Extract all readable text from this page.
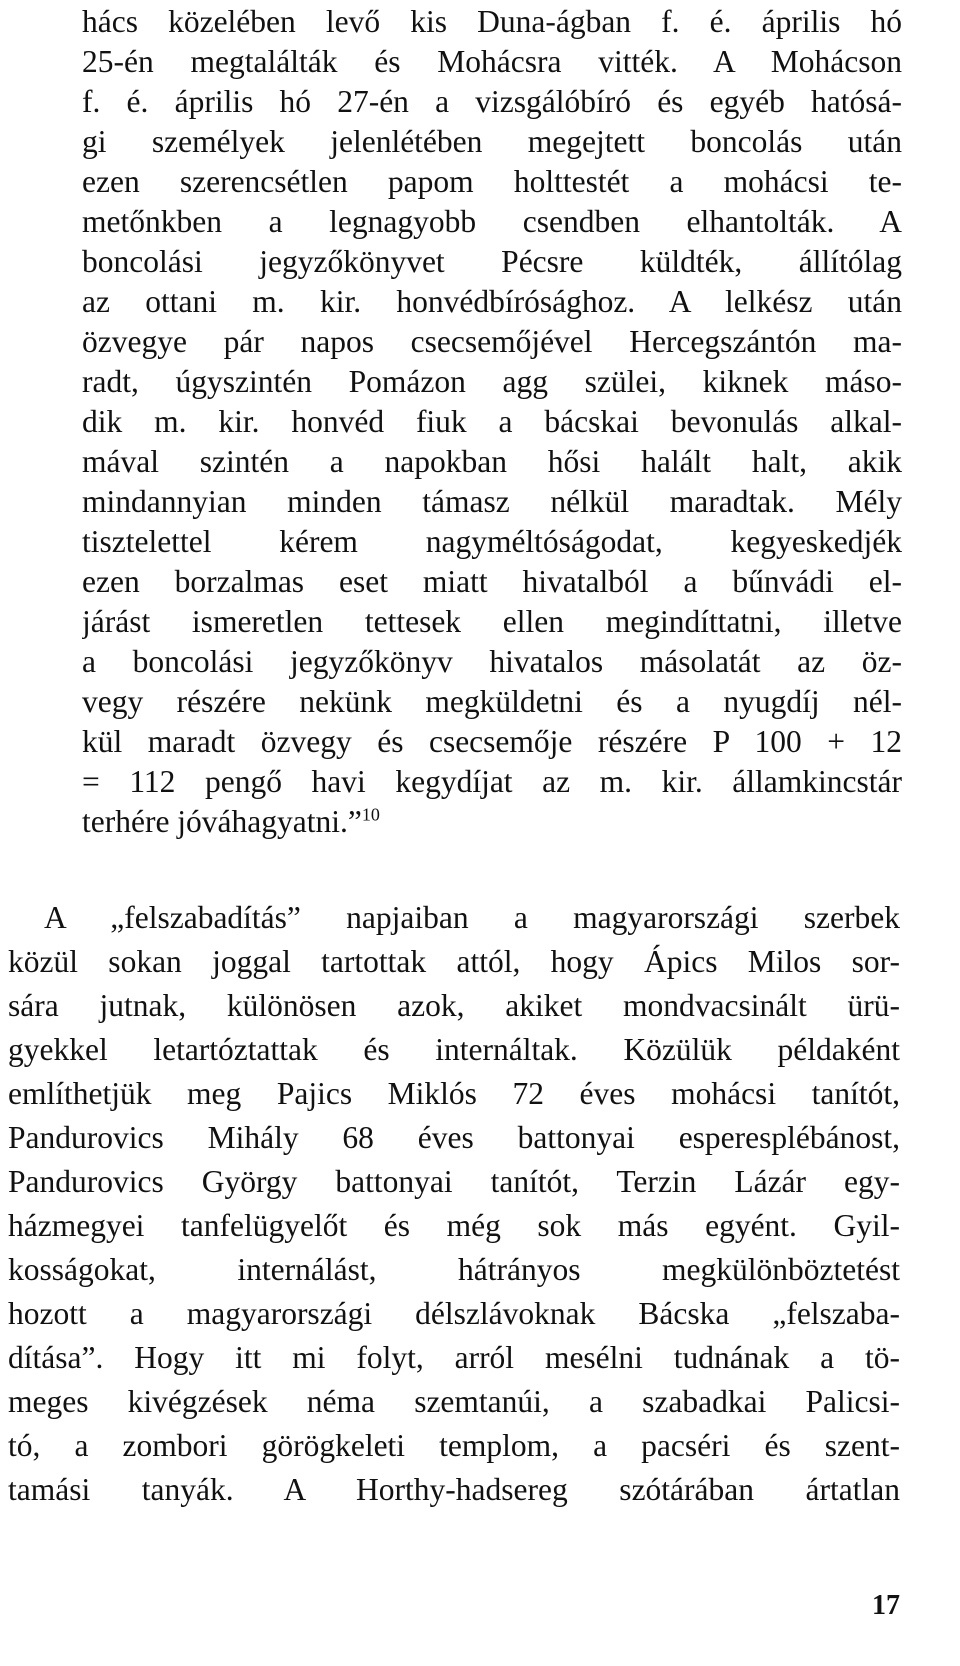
hács közelében levő kis Duna-ágban f. é. április hó
25-én megtalálták és Mohácsra vitték. A Mohácson
f. é. április hó 27-én a vizsgálóbíró és egyéb hatósá-
gi személyek jelenlétében megejtett boncolás után
ezen szerencsétlen papom holttestét a mohácsi te-
metőnkben a legnagyobb csendben elhantolták. A
boncolási jegyzőkönyvet Pécsre küldték, állítólag
az ottani m. kir. honvédbírósághoz. A lelkész után
özvegye pár napos csecsemőjével Hercegszántón ma-
radt, úgyszintén Pomázon agg szülei, kiknek máso-
dik m. kir. honvéd fiuk a bácskai bevonulás alkal-
mával szintén a napokban hősi halált halt, akik
mindannyian minden támasz nélkül maradtak. Mély
tisztelettel kérem nagyméltóságodat, kegyeskedjék
ezen borzalmas eset miatt hivatalból a bűnvádi el-
járást ismeretlen tettesek ellen megindíttatni, illetve
a boncolási jegyzőkönyv hivatalos másolatát az öz-
vegy részére nekünk megküldetni és a nyugdíj nél-
kül maradt özvegy és csecsemője részére P 100 + 12
= 112 pengő havi kegydíjat az m. kir. államkincstár
terhére jóváhagyatni.”$^{10}$
A „felszabadítás” napjaiban a magyarországi szerbek
közül sokan joggal tartottak attól, hogy Ápics Milos sor-
sára jutnak, különösen azok, akiket mondvacsinált ürü-
gyekkel letartóztattak és internáltak. Közülük példaként
említhetjük meg Pajics Miklós 72 éves mohácsi tanítót,
Pandurovics Mihály 68 éves battonyai esperesplébánost,
Pandurovics György battonyai tanítót, Terzin Lázár egy-
házmegyei tanfelügyelőt és még sok más egyént. Gyil-
kosságokat, internálást, hátrányos megkülönböztetést
hozott a magyarországi délszlávoknak Bácska „felszaba-
dítása”. Hogy itt mi folyt, arról mesélni tudnának a tö-
meges kivégzések néma szemtanúi, a szabadkai Palicsi-
tó, a zombori görögkeleti templom, a pacséri és szent-
tamási tanyák. A Horthy-hadsereg szótárában ártatlan
17
